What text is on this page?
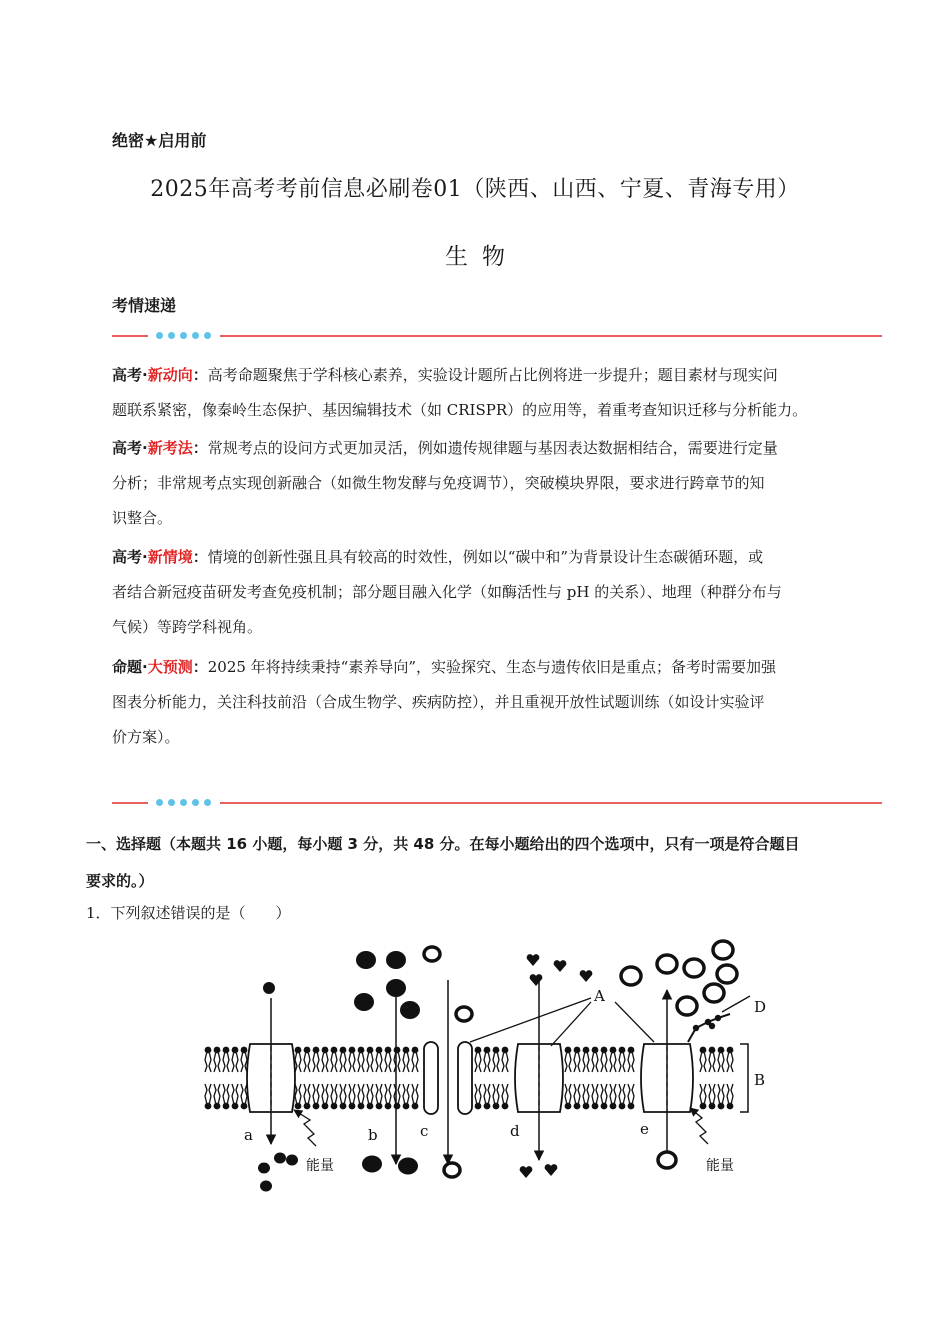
绝密★启用前
2025年高考考前信息必刷卷01（陕西、山西、宁夏、青海专用）
生物
考情速递
高考·新动向：高考命题聚焦于学科核心素养，实验设计题所占比例将进一步提升；题目素材与现实问
题联系紧密，像秦岭生态保护、基因编辑技术（如 CRISPR）的应用等，着重考查知识迁移与分析能力。
高考·新考法：常规考点的设问方式更加灵活，例如遗传规律题与基因表达数据相结合，需要进行定量
分析；非常规考点实现创新融合（如微生物发酵与免疫调节），突破模块界限，要求进行跨章节的知
识整合。
高考·新情境：情境的创新性强且具有较高的时效性，例如以“碳中和”为背景设计生态碳循环题，或
者结合新冠疫苗研发考查免疫机制；部分题目融入化学（如酶活性与 pH 的关系）、地理（种群分布与
气候）等跨学科视角。
命题·大预测：2025 年将持续秉持“素养导向”，实验探究、生态与遗传依旧是重点；备考时需要加强
图表分析能力，关注科技前沿（合成生物学、疾病防控），并且重视开放性试题训练（如设计实验评
价方案）。
一、选择题（本题共 16 小题，每小题 3 分，共 48 分。在每小题给出的四个选项中，只有一项是符合题目
要求的。）
1．下列叙述错误的是（　　）
A
B
D
a	b	c	d	e
能量	能量
